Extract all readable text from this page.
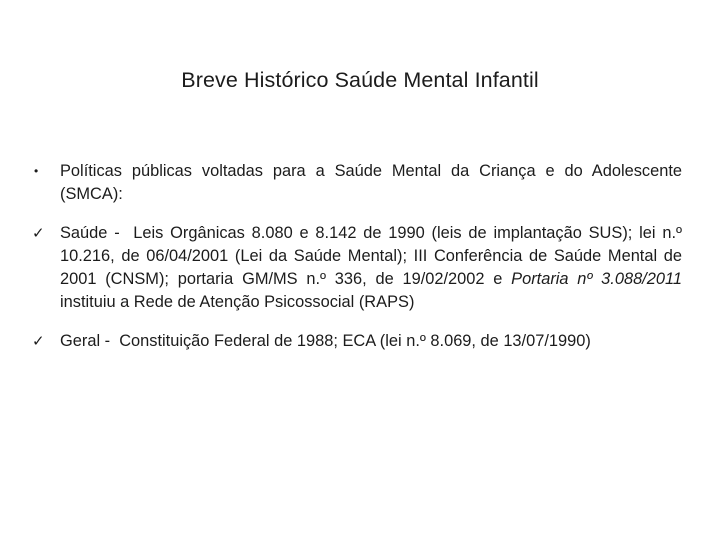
Breve Histórico Saúde Mental Infantil
•	Políticas públicas voltadas para a Saúde Mental da Criança e do Adolescente (SMCA):
✓ Saúde - Leis Orgânicas 8.080 e 8.142 de 1990 (leis de implantação SUS); lei n.º 10.216, de 06/04/2001 (Lei da Saúde Mental); III Conferência de Saúde Mental de 2001 (CNSM); portaria GM/MS n.º 336, de 19/02/2002 e Portaria nº 3.088/2011 instituiu a Rede de Atenção Psicossocial (RAPS)
✓ Geral - Constituição Federal de 1988; ECA (lei n.º 8.069, de 13/07/1990)
